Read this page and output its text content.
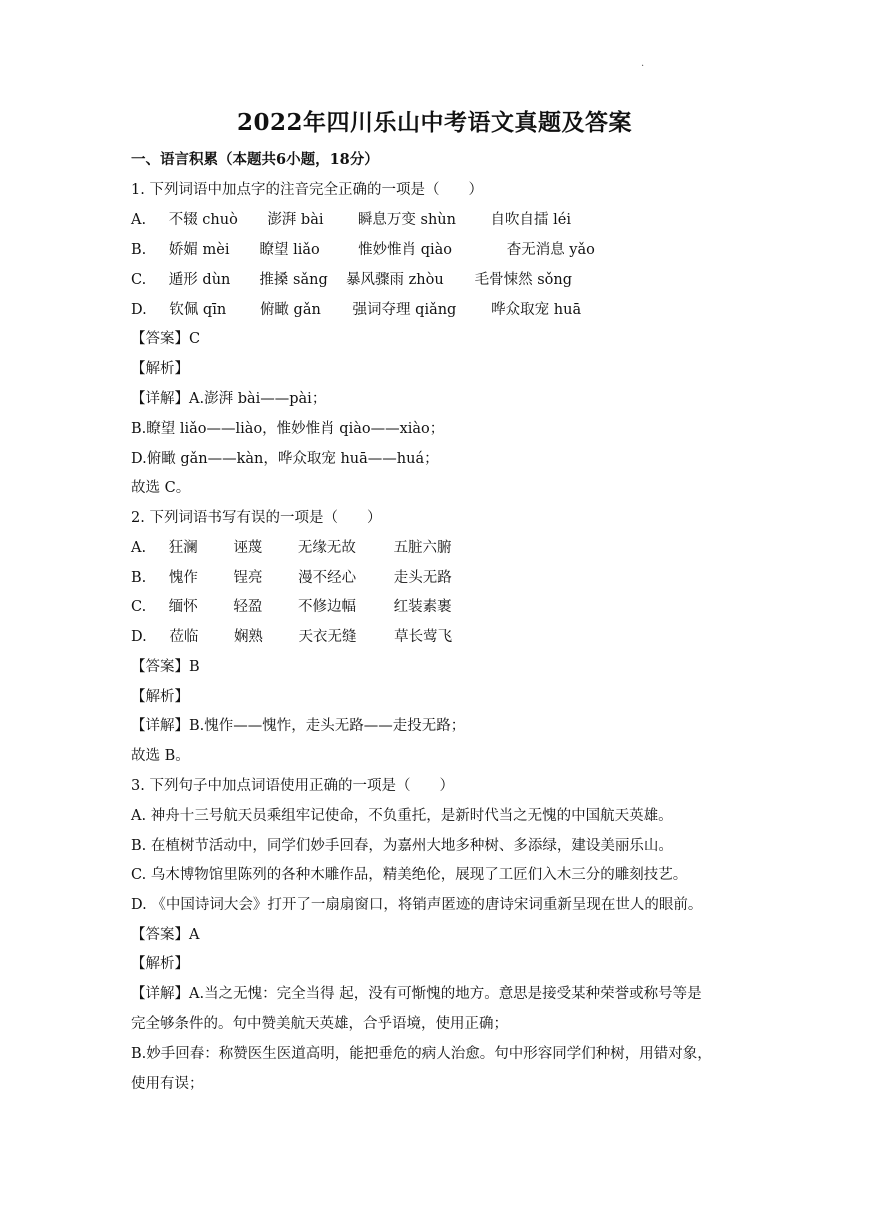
.
2022年四川乐山中考语文真题及答案
一、语言积累（本题共6小题，18分）
1. 下列词语中加点字的注音完全正确的一项是（　　）
A. 不辍 chuò 澎湃 bài 瞬息万变 shùn 自吹自擂 léi
B. 娇媚 mèi 瞭望 liǎo	惟妙惟肖 qiào	杳无消息 yǎo
C. 遁形 dùn 推搡 sǎng 暴风骤雨 zhòu 毛骨悚然 sǒng
D. 钦佩 qīn 俯瞰 gǎn 强词夺理 qiǎng 哗众取宠 huā
【答案】C
【解析】
【详解】A.澎湃 bài——pài；
B.瞭望 liǎo——liào，惟妙惟肖 qiào——xiào；
D.俯瞰 gǎn——kàn，哗众取宠 huā——huá；
故选 C。
2. 下列词语书写有误的一项是（　　）
A. 狂澜 诬蔑 无缘无故	五脏六腑
B. 愧作 锃亮 漫不经心	走头无路
C. 缅怀 轻盈 不修边幅	红装素裹
D. 莅临 娴熟 天衣无缝	草长莺飞
【答案】B
【解析】
【详解】B.愧作——愧怍，走头无路——走投无路；
故选 B。
3. 下列句子中加点词语使用正确的一项是（　　）
A. 神舟十三号航天员乘组牢记使命，不负重托，是新时代当之无愧的中国航天英雄。
B. 在植树节活动中，同学们妙手回春，为嘉州大地多种树、多添绿，建设美丽乐山。
C. 乌木博物馆里陈列的各种木雕作品，精美绝伦，展现了工匠们入木三分的雕刻技艺。
D. 《中国诗词大会》打开了一扇扇窗口，将销声匿迹的唐诗宋词重新呈现在世人的眼前。
【答案】A
【解析】
【详解】A.当之无愧：完全当得 起，没有可惭愧的地方。意思是接受某种荣誉或称号等是
完全够条件的。句中赞美航天英雄，合乎语境，使用正确；
B.妙手回春：称赞医生医道高明，能把垂危的病人治愈。句中形容同学们种树，用错对象，
使用有误；
